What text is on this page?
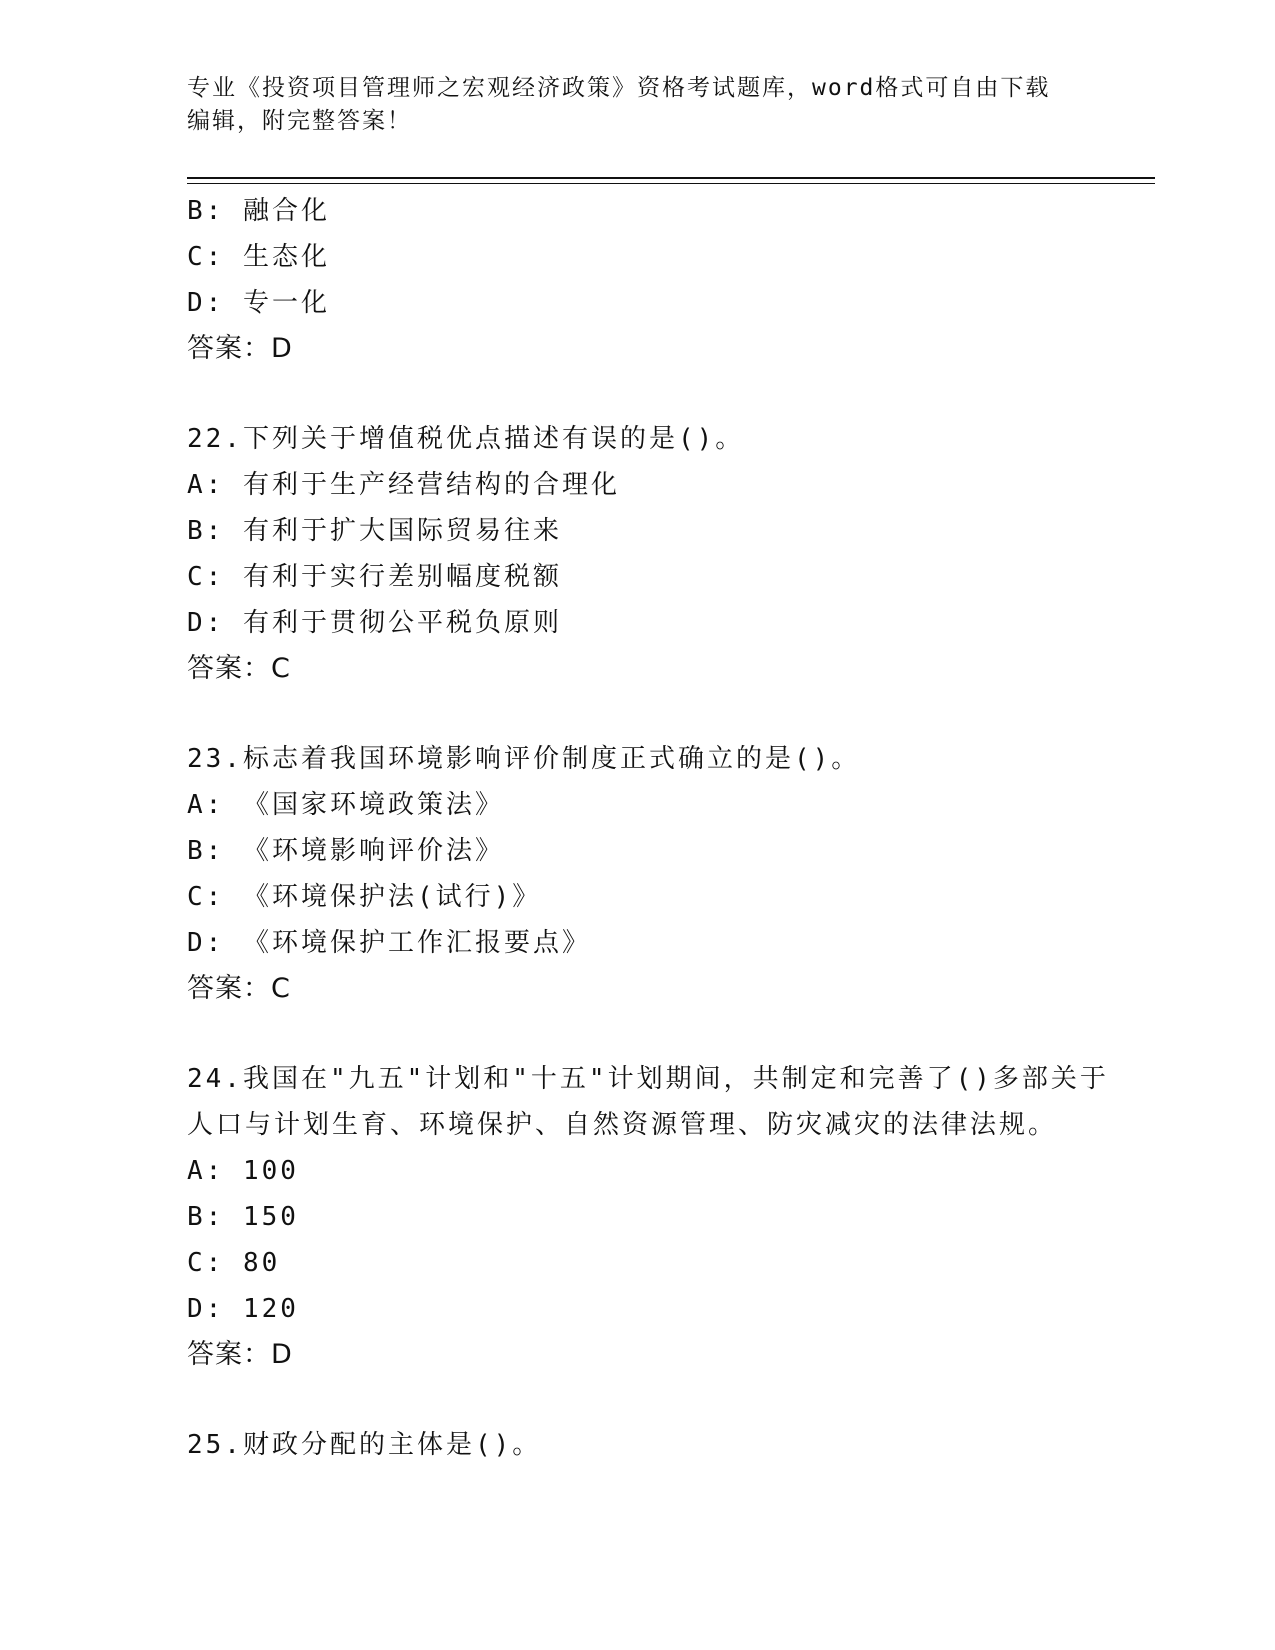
专业《投资项目管理师之宏观经济政策》资格考试题库，word格式可自由下载编辑，附完整答案！
B: 融合化
C: 生态化
D: 专一化
答案：D
22.下列关于增值税优点描述有误的是()。
A: 有利于生产经营结构的合理化
B: 有利于扩大国际贸易往来
C: 有利于实行差别幅度税额
D: 有利于贯彻公平税负原则
答案：C
23.标志着我国环境影响评价制度正式确立的是()。
A: 《国家环境政策法》
B: 《环境影响评价法》
C: 《环境保护法(试行)》
D: 《环境保护工作汇报要点》
答案：C
24.我国在"九五"计划和"十五"计划期间，共制定和完善了()多部关于
人口与计划生育、环境保护、自然资源管理、防灾减灾的法律法规。
A: 100
B: 150
C: 80
D: 120
答案：D
25.财政分配的主体是()。
